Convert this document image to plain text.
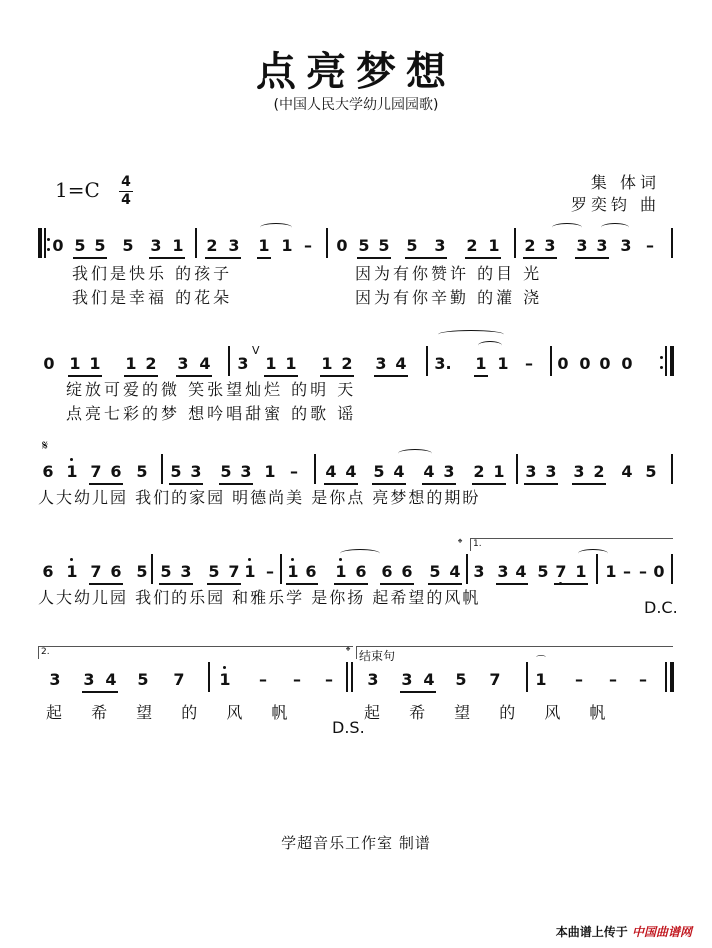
点亮梦想
(中国人民大学幼儿园园歌)
1=C 4
4
集 体词
罗奕钧 曲
0 5 5 5 3 1 2 3 1 1 – 0 5 5 5 3 2 1 2 3 3 3 3 –
我们是快乐 的孩子	因为有你赞许 的目 光
我们是幸福 的花朵	因为有你辛勤 的灌 浇
0 1 1 1 2 3 4 3
V
1 1 1 2 3 4 3. 1 1 – 0 0 0 0
绽放可爱的微 笑张望灿烂 的明 天
点亮七彩的梦 想吟唱甜蜜 的歌 谣
𝄋
6 1 7 6 5 5 3 5 3 1 – 4 4 5 4 4 3 2 1 3 3 3 2 4 5
人大幼儿园 我们的家园 明德尚美 是你点 亮梦想的期盼
6 1 7 6 5 5 3 5 7 1 – 1 6 1 6 6 6 5 4
𝄌	1.
3 3 4 5 7 1 1 – – 0
人大幼儿园 我们的乐园 和雅乐学 是你扬 起希望的风帆
D.C.
2.
3 3 4 5 7 1 – – –
𝄌 结束句
3 3 4 5 7 1
⌒
– – –
起 希 望 的 风 帆	起 希 望 的 风 帆
D.S.
学超音乐工作室 制谱
本曲谱上传于 中国曲谱网
